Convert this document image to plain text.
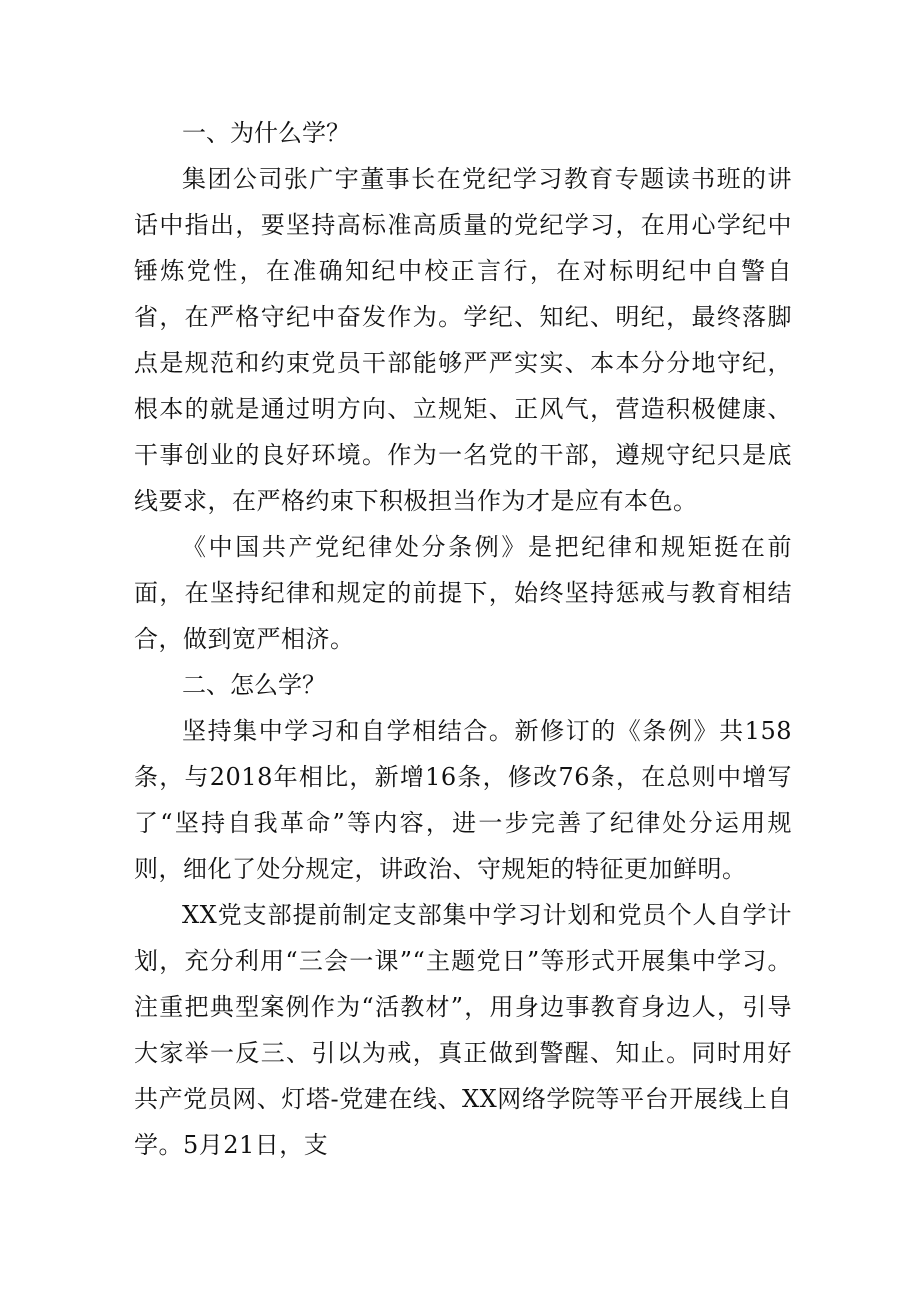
一、为什么学？

集团公司张广宇董事长在党纪学习教育专题读书班的讲话中指出，要坚持高标准高质量的党纪学习，在用心学纪中锤炼党性，在准确知纪中校正言行，在对标明纪中自警自省，在严格守纪中奋发作为。学纪、知纪、明纪，最终落脚点是规范和约束党员干部能够严严实实、本本分分地守纪，根本的就是通过明方向、立规矩、正风气，营造积极健康、干事创业的良好环境。作为一名党的干部，遵规守纪只是底线要求，在严格约束下积极担当作为才是应有本色。

《中国共产党纪律处分条例》是把纪律和规矩挺在前面，在坚持纪律和规定的前提下，始终坚持惩戒与教育相结合，做到宽严相济。

二、怎么学？

坚持集中学习和自学相结合。新修订的《条例》共158条，与2018年相比，新增16条，修改76条，在总则中增写了“坚持自我革命”等内容，进一步完善了纪律处分运用规则，细化了处分规定，讲政治、守规矩的特征更加鲜明。

XX党支部提前制定支部集中学习计划和党员个人自学计划，充分利用“三会一课”“主题党日”等形式开展集中学习。注重把典型案例作为“活教材”，用身边事教育身边人，引导大家举一反三、引以为戒，真正做到警醒、知止。同时用好共产党员网、灯塔-党建在线、XX网络学院等平台开展线上自学。5月21日，支
